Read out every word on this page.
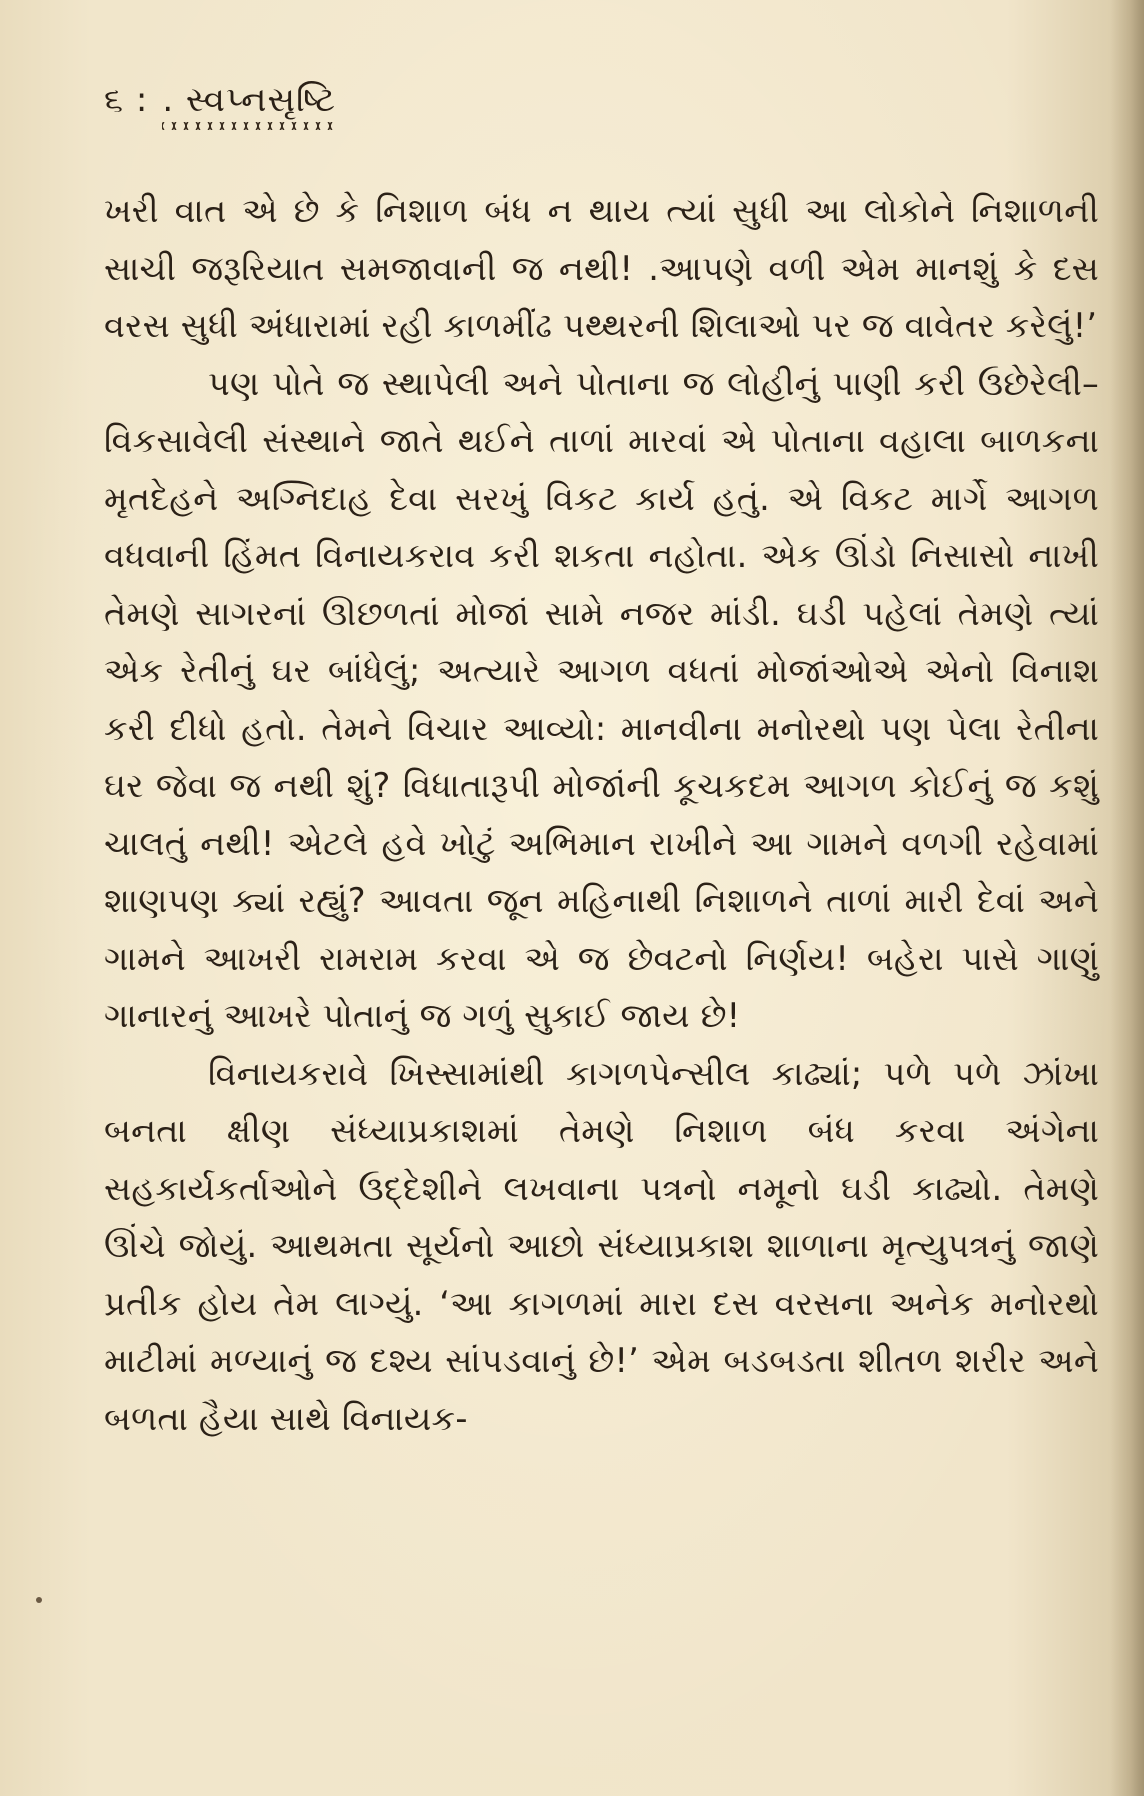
૬ : . સ્વપ્નસૃષ્ટિ

ખરી વાત એ છે કે નિશાળ બંધ ન થાય ત્યાં સુધી આ લોકોને નિશાળની સાચી જરૂરિયાત સમજાવાની જ નથી! .આપણે વળી એમ માનશું કે દસ વરસ સુધી અંધારામાં રહી કાળમીંઢ પથ્થરની શિલાઓ પર જ વાવેતર કરેલું!’

પણ પોતે જ સ્થાપેલી અને પોતાના જ લોહીનું પાણી કરી ઉછેરેલી–વિકસાવેલી સંસ્થાને જાતે થઈને તાળાં મારવાં એ પોતાના વહાલા બાળકના મૃતદેહને અગ્નિદાહ દેવા સરખું વિકટ કાર્ય હતું. એ વિકટ માર્ગે આગળ વધવાની હિંમત વિનાયકરાવ કરી શકતા નહોતા. એક ઊંડો નિસાસો નાખી તેમણે સાગરનાં ઊછળતાં મોજાં સામે નજર માંડી. ઘડી પહેલાં તેમણે ત્યાં એક રેતીનું ઘર બાંધેલું; અત્યારે આગળ વધતાં મોજાંઓએ એનો વિનાશ કરી દીધો હતો. તેમને વિચાર આવ્યો: માનવીના મનોરથો પણ પેલા રેતીના ઘર જેવા જ નથી શું? વિધાતારૂપી મોજાંની કૂચકદમ આગળ કોઈનું જ કશું ચાલતું નથી! એટલે હવે ખોટું અભિમાન રાખીને આ ગામને વળગી રહેવામાં શાણપણ ક્યાં રહ્યું? આવતા જૂન મહિનાથી નિશાળને તાળાં મારી દેવાં અને ગામને આખરી રામરામ કરવા એ જ છેવટનો નિર્ણય! બહેરા પાસે ગાણું ગાનારનું આખરે પોતાનું જ ગળું સુકાઈ જાય છે!

વિનાયકરાવે ખિસ્સામાંથી કાગળપેન્સીલ કાઢ્યાં; પળે પળે ઝાંખા બનતા ક્ષીણ સંધ્યાપ્રકાશમાં તેમણે નિશાળ બંધ કરવા અંગેના સહકાર્યકર્તાઓને ઉદ્દેશીને લખવાના પત્રનો નમૂનો ઘડી કાઢ્યો. તેમણે ઊંચે જોયું. આથમતા સૂર્યનો આછો સંધ્યાપ્રકાશ શાળાના મૃત્યુપત્રનું જાણે પ્રતીક હોય તેમ લાગ્યું. ‘આ કાગળમાં મારા દસ વરસના અનેક મનોરથો માટીમાં મળ્યાનું જ દશ્ય સાંપડવાનું છે!’ એમ બડબડતા શીતળ શરીર અને બળતા હૈયા સાથે વિનાયક-
